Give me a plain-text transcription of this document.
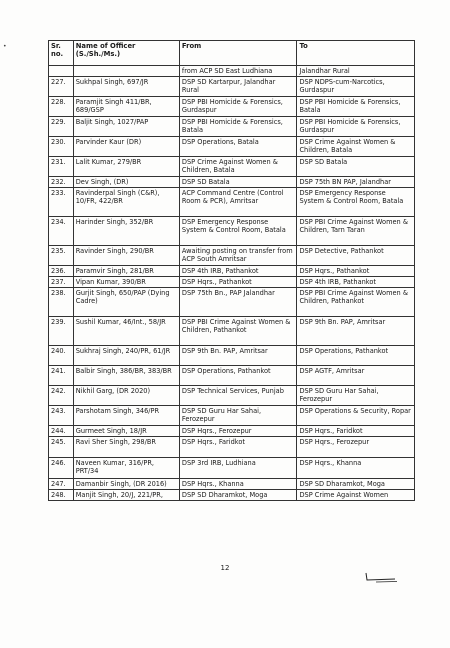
•	Sr. no.	Name of Officer (S./Sh./Ms.)	From	To
		from ACP SD East Ludhiana	Jalandhar Rural
227.	Sukhpal Singh, 697/JR	DSP SD Kartarpur, Jalandhar Rural	DSP NDPS-cum-Narcotics, Gurdaspur
228.	Paramjit Singh 411/BR, 689/GSP	DSP PBI Homicide & Forensics, Gurdaspur	DSP PBI Homicide & Forensics, Batala
229.	Baljit Singh, 1027/PAP	DSP PBI Homicide & Forensics, Batala	DSP PBI Homicide & Forensics, Gurdaspur
230.	Parvinder Kaur (DR)	DSP Operations, Batala	DSP Crime Against Women & Children, Batala
231.	Lalit Kumar, 279/BR	DSP Crime Against Women & Children, Batala	DSP SD Batala
232.	Dev Singh, (DR)	DSP SD Batala	DSP 75th BN PAP, Jalandhar
233.	Ravinderpal Singh (C&R), 10/FR, 422/BR	ACP Command Centre (Control Room & PCR), Amritsar	DSP Emergency Response System & Control Room, Batala
234.	Harinder Singh, 352/BR	DSP Emergency Response System & Control Room, Batala	DSP PBI Crime Against Women & Children, Tarn Taran
235.	Ravinder Singh, 290/BR	Awaiting posting on transfer from ACP South Amritsar	DSP Detective, Pathankot
236.	Paramvir Singh, 281/BR	DSP 4th IRB, Pathankot	DSP Hqrs., Pathankot
237.	Vipan Kumar, 390/BR	DSP Hqrs., Pathankot	DSP 4th IRB, Pathankot
238.	Gurjit Singh, 650/PAP (Dying Cadre)	DSP 75th Bn., PAP Jalandhar	DSP PBI Crime Against Women & Children, Pathankot
239.	Sushil Kumar, 46/Int., 58/JR	DSP PBI Crime Against Women & Children, Pathankot	DSP 9th Bn. PAP, Amritsar
240.	Sukhraj Singh, 240/PR, 61/JR	DSP 9th Bn. PAP, Amritsar	DSP Operations, Pathankot
241.	Balbir Singh, 386/BR, 383/BR	DSP Operations, Pathankot	DSP AGTF, Amritsar
242.	Nikhil Garg, (DR 2020)	DSP Technical Services, Punjab	DSP SD Guru Har Sahai, Ferozepur
243.	Parshotam Singh, 346/PR	DSP SD Guru Har Sahai, Ferozepur	DSP Operations & Security, Ropar
244.	Gurmeet Singh, 18/JR	DSP Hqrs., Ferozepur	DSP Hqrs., Faridkot
245.	Ravi Sher Singh, 298/BR	DSP Hqrs., Faridkot	DSP Hqrs., Ferozepur
246.	Naveen Kumar, 316/PR, PRT/34	DSP 3rd IRB, Ludhiana	DSP Hqrs., Khanna
247.	Damanbir Singh, (DR 2016)	DSP Hqrs., Khanna	DSP SD Dharamkot, Moga
248.	Manjit Singh, 20/J, 221/PR,	DSP SD Dharamkot, Moga	DSP Crime Against Women
12
